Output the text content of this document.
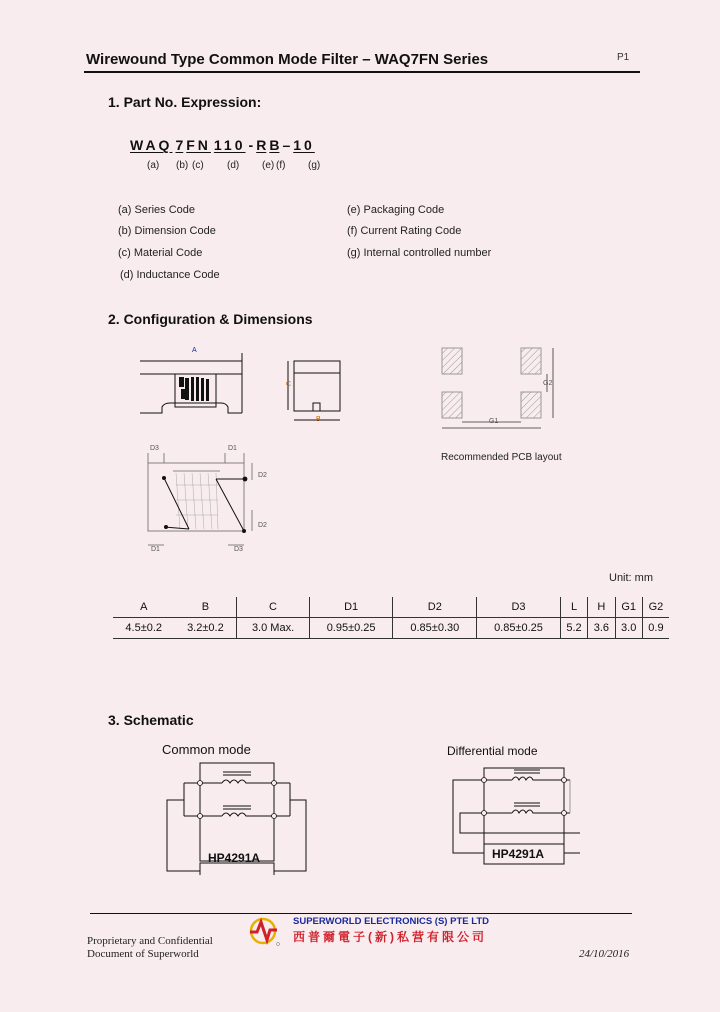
Wirewound Type Common Mode Filter – WAQ7FN Series	P1
1. Part No. Expression:
WAQ 7 FN 110 - R B – 10
(a) (b) (c) (d) (e) (f) (g)
(a) Series Code
(b) Dimension Code
(c) Material Code
(d) Inductance Code
(e) Packaging Code
(f) Current Rating Code
(g) Internal controlled number
2. Configuration & Dimensions
A
C
B	G1
G2
Recommended PCB layout
D3	D1
D2
D2
D1	D3
Unit: mm
A	B	C	D1	D2	D3	L	H	G1	G2
4.5±0.2	3.2±0.2	3.0 Max.	0.95±0.25	0.85±0.30	0.85±0.25	5.2	3.6	3.0	0.9
3. Schematic
Common mode	Differential mode
HP4291A	HP4291A
Proprietary and Confidential
Document of Superworld
SUPERWORLD ELECTRONICS (S) PTE LTD
西普爾電子(新)私营有限公司
24/10/2016
